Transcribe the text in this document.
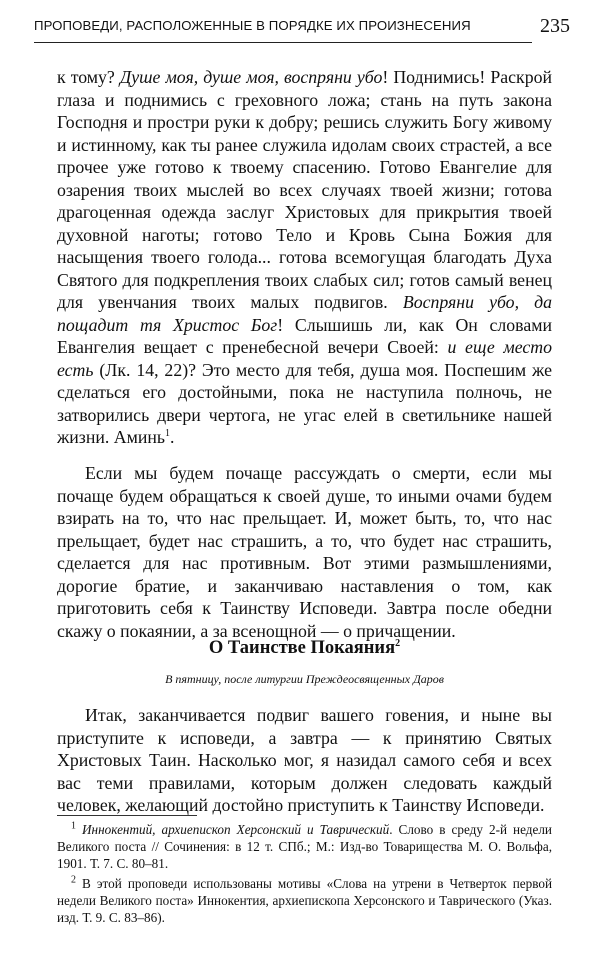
ПРОПОВЕДИ, РАСПОЛОЖЕННЫЕ В ПОРЯДКЕ ИХ ПРОИЗНЕСЕНИЯ	235
к тому? Душе моя, душе моя, воспряни убо! Поднимись! Раскрой глаза и поднимись с греховного ложа; стань на путь закона Господня и простри руки к добру; решись служить Богу живому и истинному, как ты ранее служила идолам своих страстей, а все прочее уже готово к твоему спасению. Готово Евангелие для озарения твоих мыслей во всех случаях твоей жизни; готова драгоценная одежда заслуг Христовых для прикрытия твоей духовной наготы; готово Тело и Кровь Сына Божия для насыщения твоего голода... готова всемогущая благодать Духа Святого для подкрепления твоих слабых сил; готов самый венец для увенчания твоих малых подвигов. Воспряни убо, да пощадит тя Христос Бог! Слышишь ли, как Он словами Евангелия вещает с пренебесной вечери Своей: и еще место есть (Лк. 14, 22)? Это место для тебя, душа моя. Поспешим же сделаться его достойными, пока не наступила полночь, не затворились двери чертога, не угас елей в светильнике нашей жизни. Аминь$^1$.
Если мы будем почаще рассуждать о смерти, если мы почаще будем обращаться к своей душе, то иными очами будем взирать на то, что нас прельщает. И, может быть, то, что нас прельщает, будет нас страшить, а то, что будет нас страшить, сделается для нас противным. Вот этими размышлениями, дорогие братие, и заканчиваю наставления о том, как приготовить себя к Таинству Исповеди. Завтра после обедни скажу о покаянии, а за всенощной — о причащении.
О Таинстве Покаяния$^2$
В пятницу, после литургии Преждеосвященных Даров
Итак, заканчивается подвиг вашего говения, и ныне вы приступите к исповеди, а завтра — к принятию Святых Христовых Таин. Насколько мог, я назидал самого себя и всех вас теми правилами, которым должен следовать каждый человек, желающий достойно приступить к Таинству Исповеди.
$^1$ Иннокентий, архиепископ Херсонский и Таврический. Слово в среду 2-й недели Великого поста // Сочинения: в 12 т. СПб.; М.: Изд-во Товарищества М. О. Вольфа, 1901. Т. 7. С. 80–81.
$^2$ В этой проповеди использованы мотивы «Слова на утрени в Четверток первой недели Великого поста» Иннокентия, архиепископа Херсонского и Таврического (Указ. изд. Т. 9. С. 83–86).
